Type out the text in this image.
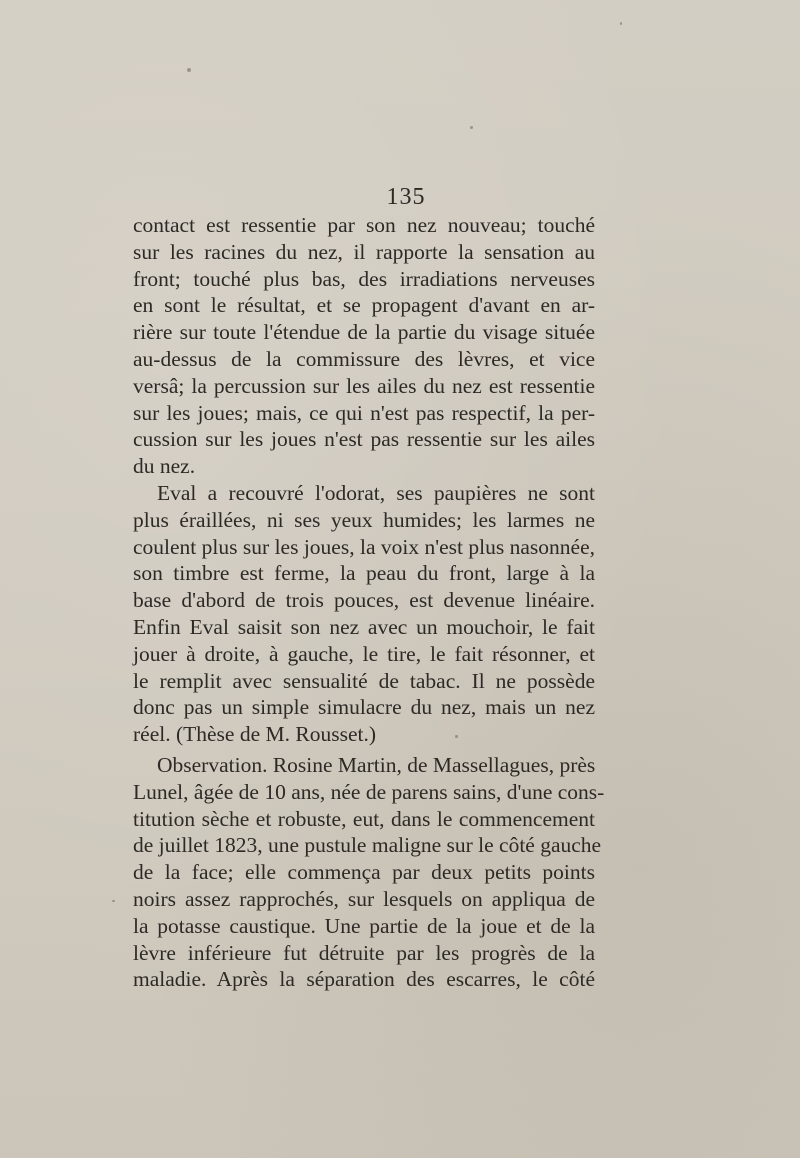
135
contact est ressentie par son nez nouveau; touché
sur les racines du nez, il rapporte la sensation au
front; touché plus bas, des irradiations nerveuses
en sont le résultat, et se propagent d'avant en ar-
rière sur toute l'étendue de la partie du visage située
au-dessus de la commissure des lèvres, et vice
versâ; la percussion sur les ailes du nez est ressentie
sur les joues; mais, ce qui n'est pas respectif, la per-
cussion sur les joues n'est pas ressentie sur les ailes
du nez.
Eval a recouvré l'odorat, ses paupières ne sont
plus éraillées, ni ses yeux humides; les larmes ne
coulent plus sur les joues, la voix n'est plus nasonnée,
son timbre est ferme, la peau du front, large à la
base d'abord de trois pouces, est devenue linéaire.
Enfin Eval saisit son nez avec un mouchoir, le fait
jouer à droite, à gauche, le tire, le fait résonner, et
le remplit avec sensualité de tabac. Il ne possède
donc pas un simple simulacre du nez, mais un nez
réel. (Thèse de M. Rousset.)
Observation. Rosine Martin, de Massellagues, près
Lunel, âgée de 10 ans, née de parens sains, d'une cons-
titution sèche et robuste, eut, dans le commencement
de juillet 1823, une pustule maligne sur le côté gauche
de la face; elle commença par deux petits points
noirs assez rapprochés, sur lesquels on appliqua de
la potasse caustique. Une partie de la joue et de la
lèvre inférieure fut détruite par les progrès de la
maladie. Après la séparation des escarres, le côté
